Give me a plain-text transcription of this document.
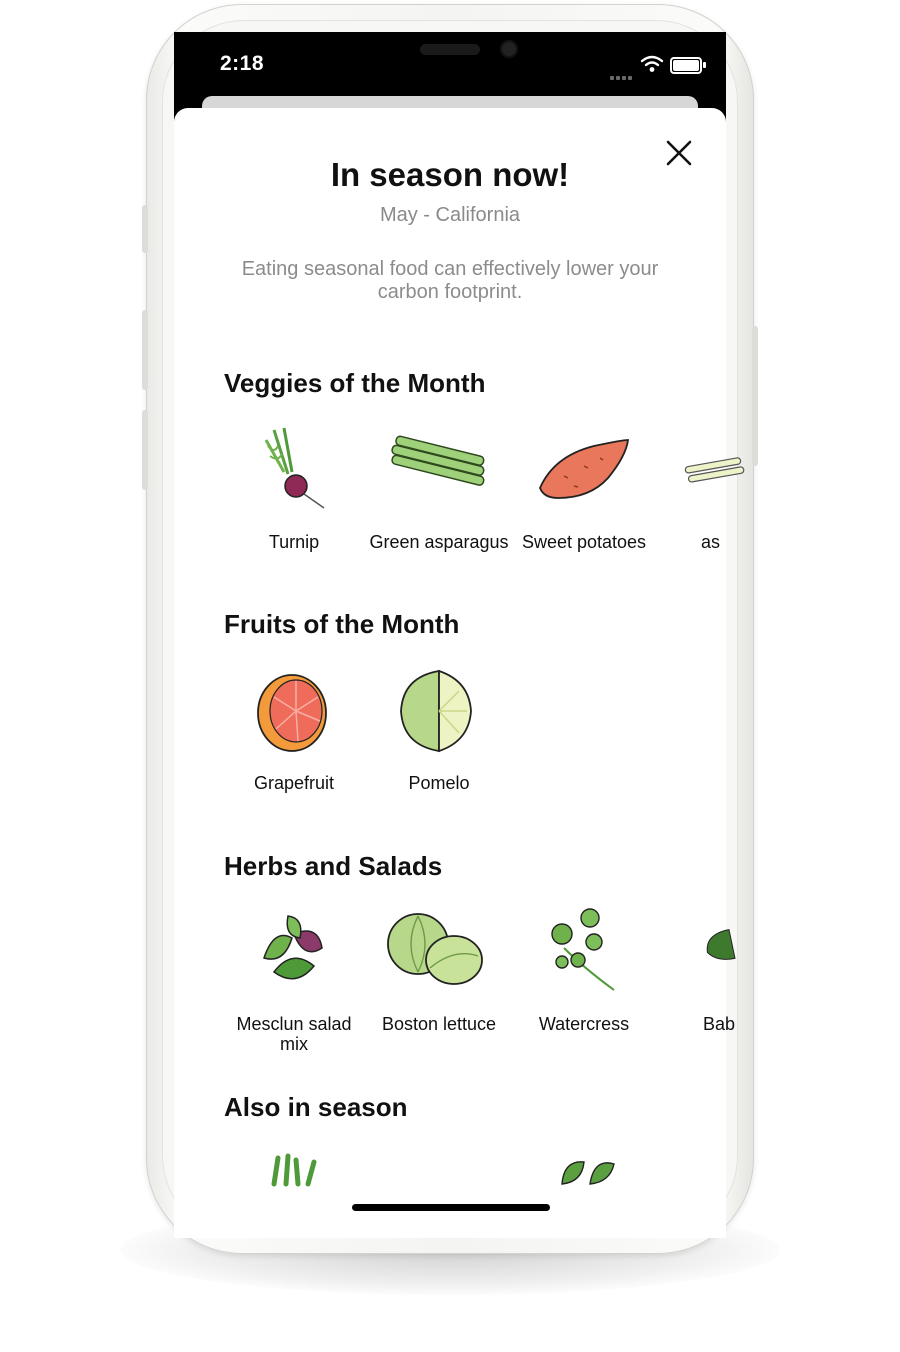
2:18
In season now!
May - California
Eating seasonal food can effectively lower your carbon footprint.
Veggies of the Month
Turnip	Green asparagus Sweet potatoes	as
Fruits of the Month
Grapefruit	Pomelo
Herbs and Salads
Mesclun salad mix
Boston lettuce	Watercress	Bab
Also in season
